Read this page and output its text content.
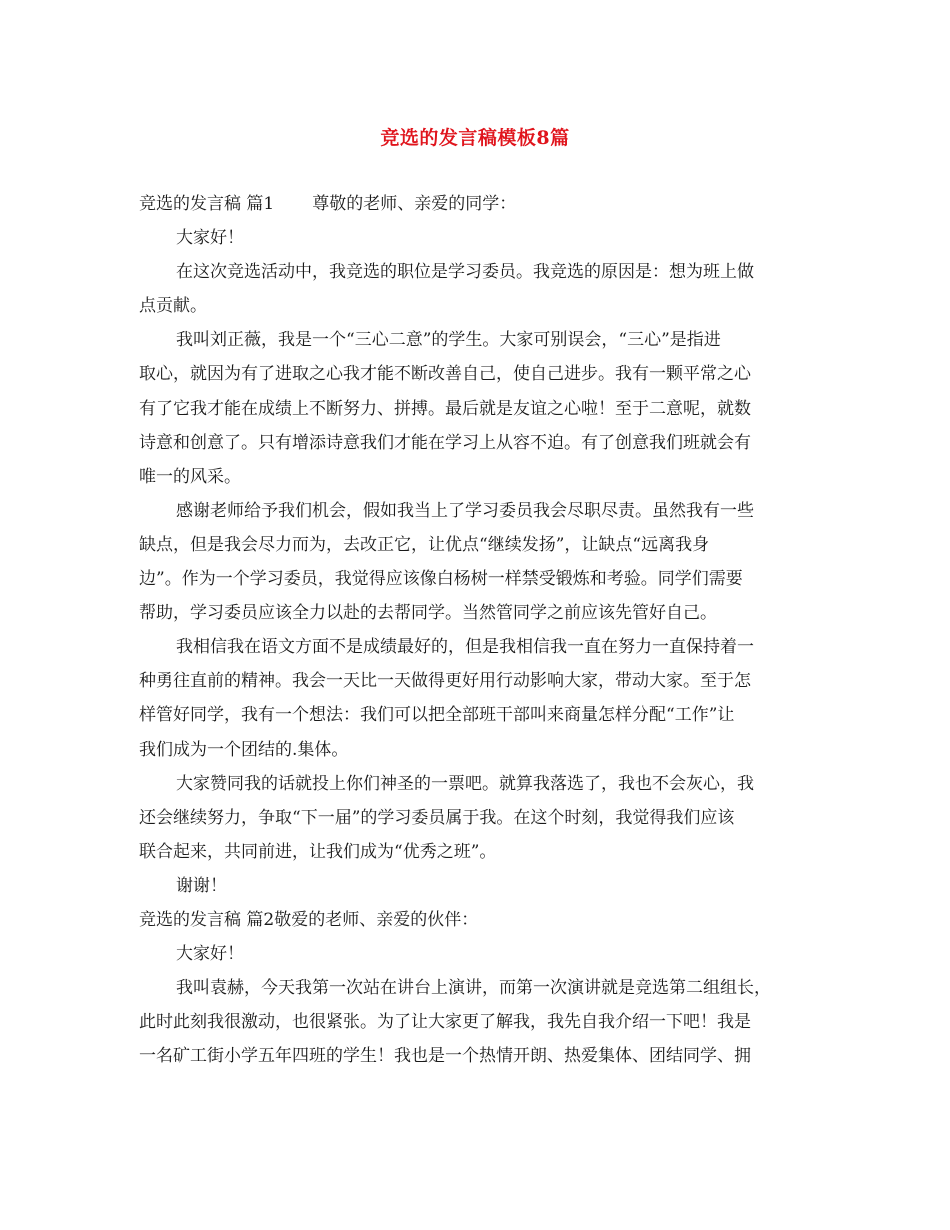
竞选的发言稿模板8篇
竞选的发言稿 篇1 尊敬的老师、亲爱的同学：
大家好！
在这次竞选活动中，我竞选的职位是学习委员。我竞选的原因是：想为班上做
点贡献。
我叫刘正薇，我是一个“三心二意”的学生。大家可别误会，“三心”是指进
取心，就因为有了进取之心我才能不断改善自己，使自己进步。我有一颗平常之心
有了它我才能在成绩上不断努力、拼搏。最后就是友谊之心啦！至于二意呢，就数
诗意和创意了。只有增添诗意我们才能在学习上从容不迫。有了创意我们班就会有
唯一的风采。
感谢老师给予我们机会，假如我当上了学习委员我会尽职尽责。虽然我有一些
缺点，但是我会尽力而为，去改正它，让优点“继续发扬”，让缺点“远离我身
边”。作为一个学习委员，我觉得应该像白杨树一样禁受锻炼和考验。同学们需要
帮助，学习委员应该全力以赴的去帮同学。当然管同学之前应该先管好自己。
我相信我在语文方面不是成绩最好的，但是我相信我一直在努力一直保持着一
种勇往直前的精神。我会一天比一天做得更好用行动影响大家，带动大家。至于怎
样管好同学，我有一个想法：我们可以把全部班干部叫来商量怎样分配“工作”让
我们成为一个团结的.集体。
大家赞同我的话就投上你们神圣的一票吧。就算我落选了，我也不会灰心，我
还会继续努力，争取“下一届”的学习委员属于我。在这个时刻，我觉得我们应该
联合起来，共同前进，让我们成为“优秀之班”。
谢谢！
竞选的发言稿 篇2敬爱的老师、亲爱的伙伴：
大家好！
我叫袁赫，今天我第一次站在讲台上演讲，而第一次演讲就是竞选第二组组长，
此时此刻我很激动，也很紧张。为了让大家更了解我，我先自我介绍一下吧！我是
一名矿工街小学五年四班的学生！我也是一个热情开朗、热爱集体、团结同学、拥
